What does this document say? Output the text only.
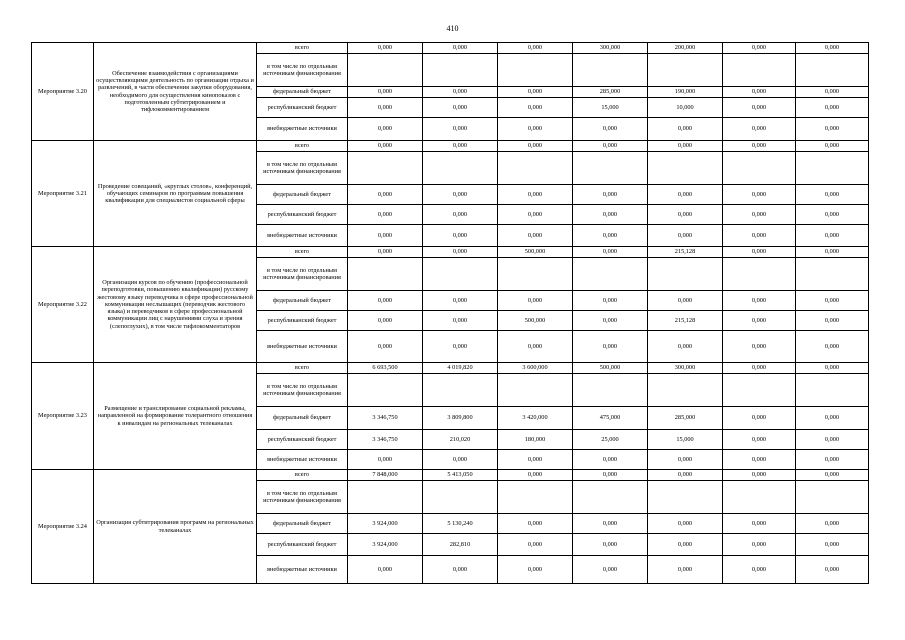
410
Мероприятие 3.20	Обеспечение взаимодействия с организациями осуществляющими деятельность по организации отдыха и развлечений, в части обеспечения закупки оборудования, необходимого для осуществления кинопоказов с подготовленным субтитрированием и тифлокомментированием	всего	0,000	0,000	0,000	300,000	200,000	0,000	0,000
		в том числе по отдельным источникам финансирования							
		федеральный бюджет	0,000	0,000	0,000	285,000	190,000	0,000	0,000
		республиканский бюджет	0,000	0,000	0,000	15,000	10,000	0,000	0,000
		внебюджетные источники	0,000	0,000	0,000	0,000	0,000	0,000	0,000
Мероприятие 3.21	Проведение совещаний, «круглых столов», конференций, обучающих семинаров по программам повышения квалификации для специалистов социальной сферы	всего	0,000	0,000	0,000	0,000	0,000	0,000	0,000
		в том числе по отдельным источникам финансирования							
		федеральный бюджет	0,000	0,000	0,000	0,000	0,000	0,000	0,000
		республиканский бюджет	0,000	0,000	0,000	0,000	0,000	0,000	0,000
		внебюджетные источники	0,000	0,000	0,000	0,000	0,000	0,000	0,000
Мероприятие 3.22	Организация курсов по обучению (профессиональной переподготовки, повышению квалификации) русскому жестовому языку переводчика в сфере профессиональной коммуникации неслышащих (переводчик жестового языка) и переводчиков в сфере профессиональной коммуникации лиц с нарушениями слуха и зрения (слепоглухих), в том числе тифлокомментаторов	всего	0,000	0,000	500,000	0,000	215,128	0,000	0,000
		в том числе по отдельным источникам финансирования							
		федеральный бюджет	0,000	0,000	0,000	0,000	0,000	0,000	0,000
		республиканский бюджет	0,000	0,000	500,000	0,000	215,128	0,000	0,000
		внебюджетные источники	0,000	0,000	0,000	0,000	0,000	0,000	0,000
Мероприятие 3.23	Размещение и транслирование социальной рекламы, направленной на формирование толерантного отношения к инвалидам на региональных телеканалах	всего	6 693,500	4 019,820	3 600,000	500,000	300,000	0,000	0,000
		в том числе по отдельным источникам финансирования							
		федеральный бюджет	3 346,750	3 809,800	3 420,000	475,000	285,000	0,000	0,000
		республиканский бюджет	3 346,750	210,020	180,000	25,000	15,000	0,000	0,000
		внебюджетные источники	0,000	0,000	0,000	0,000	0,000	0,000	0,000
Мероприятие 3.24	Организация субтитрирования программ на региональных телеканалах	всего	7 848,000	5 413,050	0,000	0,000	0,000	0,000	0,000
		в том числе по отдельным источникам финансирования							
		федеральный бюджет	3 924,000	5 130,240	0,000	0,000	0,000	0,000	0,000
		республиканский бюджет	3 924,000	282,810	0,000	0,000	0,000	0,000	0,000
		внебюджетные источники	0,000	0,000	0,000	0,000	0,000	0,000	0,000
